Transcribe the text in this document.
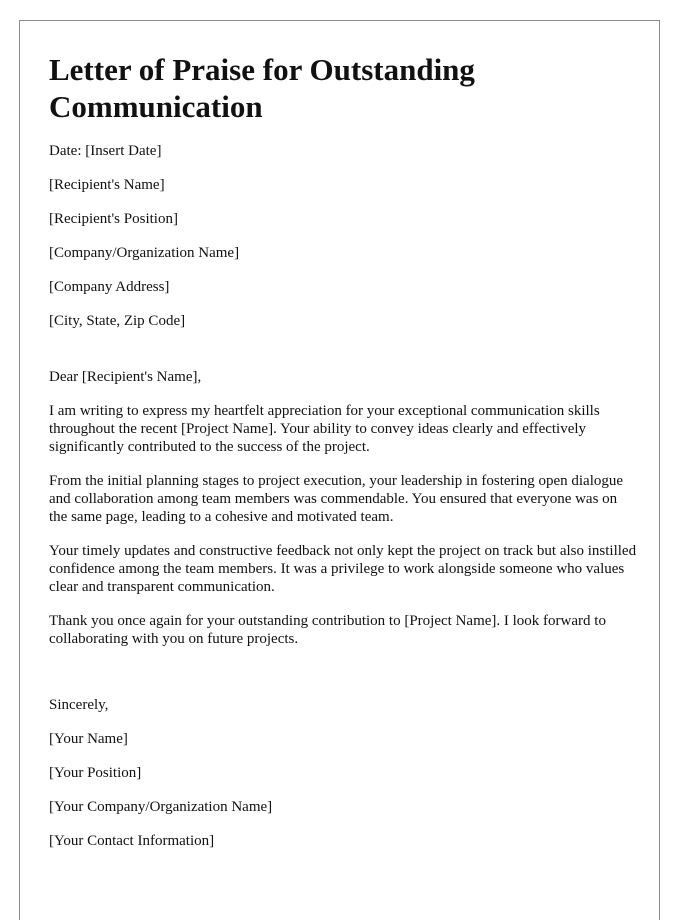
Letter of Praise for Outstanding Communication

Date: [Insert Date]

[Recipient's Name]

[Recipient's Position]

[Company/Organization Name]

[Company Address]

[City, State, Zip Code]

Dear [Recipient's Name],

I am writing to express my heartfelt appreciation for your exceptional communication skills throughout the recent [Project Name]. Your ability to convey ideas clearly and effectively significantly contributed to the success of the project.

From the initial planning stages to project execution, your leadership in fostering open dialogue and collaboration among team members was commendable. You ensured that everyone was on the same page, leading to a cohesive and motivated team.

Your timely updates and constructive feedback not only kept the project on track but also instilled confidence among the team members. It was a privilege to work alongside someone who values clear and transparent communication.

Thank you once again for your outstanding contribution to [Project Name]. I look forward to collaborating with you on future projects.

Sincerely,

[Your Name]

[Your Position]

[Your Company/Organization Name]

[Your Contact Information]
